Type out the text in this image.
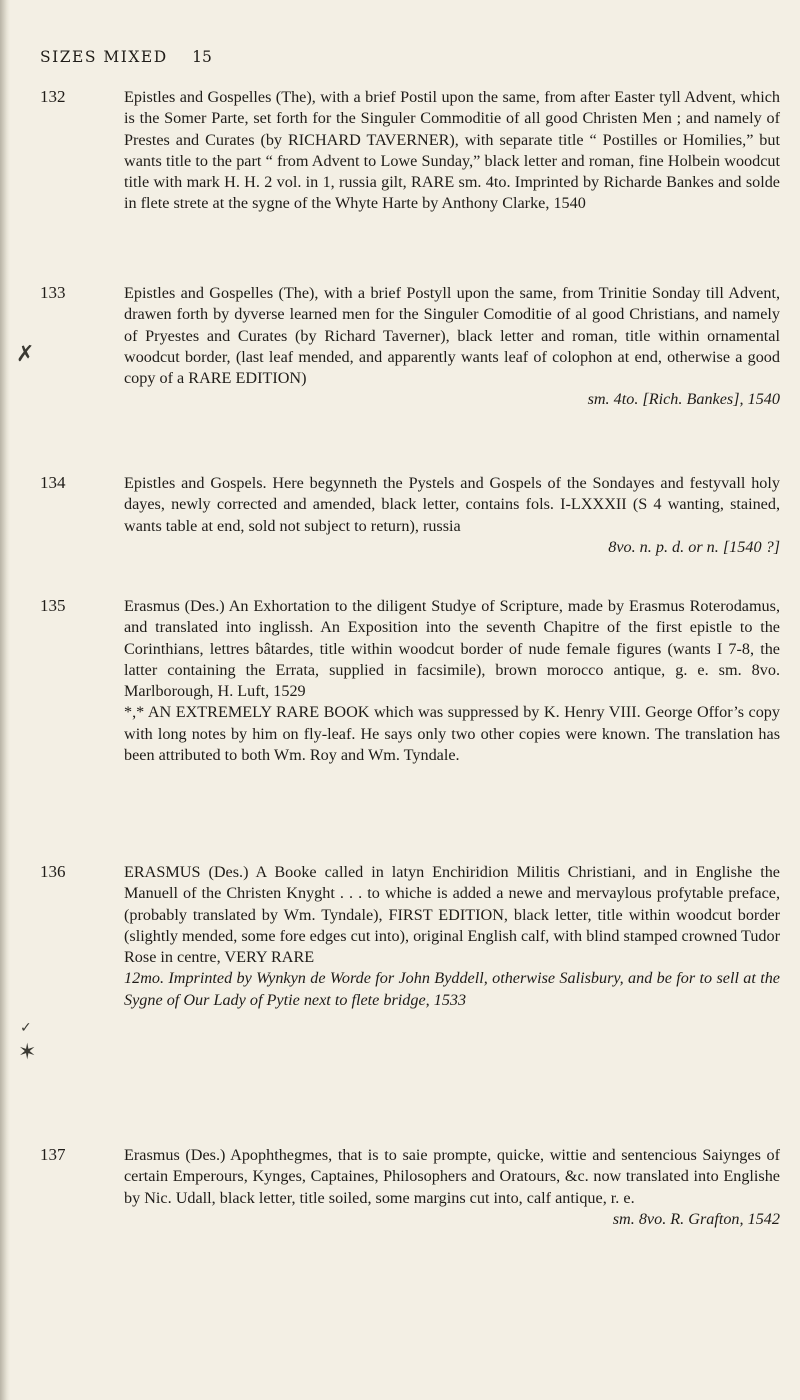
SIZES MIXED 15
132	Epistles and Gospelles (The), with a brief Postil upon the same, from after Easter tyll Advent, which is the Somer Parte, set forth for the Singuler Commoditie of all good Christen Men ; and namely of Prestes and Curates (by RICHARD TAVERNER), with separate title “ Postilles or Homilies,” but wants title to the part “ from Advent to Lowe Sunday,” black letter and roman, fine Holbein woodcut title with mark H. H. 2 vol. in 1, russia gilt, RARE sm. 4to. Imprinted by Richarde Bankes and solde in flete strete at the sygne of the Whyte Harte by Anthony Clarke, 1540

133	Epistles and Gospelles (The), with a brief Postyll upon the same, from Trinitie Sonday till Advent, drawen forth by dyverse learned men for the Singuler Comoditie of al good Christians, and namely of Pryestes and Curates (by Richard Taverner), black letter and roman, title within ornamental woodcut border, (last leaf mended, and apparently wants leaf of colophon at end, otherwise a good copy of a RARE EDITION)

sm. 4to. [Rich. Bankes], 1540

134	Epistles and Gospels. Here begynneth the Pystels and Gospels of the Sondayes and festyvall holy dayes, newly corrected and amended, black letter, contains fols. I-LXXXII (S 4 wanting, stained, wants table at end, sold not subject to return), russia

8vo. n. p. d. or n. [1540 ?]

135	Erasmus (Des.) An Exhortation to the diligent Studye of Scripture, made by Erasmus Roterodamus, and translated into inglissh. An Exposition into the seventh Chapitre of the first epistle to the Corinthians, lettres bâtardes, title within woodcut border of nude female figures (wants I 7-8, the latter containing the Errata, supplied in facsimile), brown morocco antique, g. e. sm. 8vo. Marlborough, H. Luft, 1529

*,* AN EXTREMELY RARE BOOK which was suppressed by K. Henry VIII. George Offor’s copy with long notes by him on fly-leaf. He says only two other copies were known. The translation has been attributed to both Wm. Roy and Wm. Tyndale.

136	ERASMUS (Des.) A Booke called in latyn Enchiridion Militis Christiani, and in Englishe the Manuell of the Christen Knyght . . . to whiche is added a newe and mervaylous profytable preface, (probably translated by Wm. Tyndale), FIRST EDITION, black letter, title within woodcut border (slightly mended, some fore edges cut into), original English calf, with blind stamped crowned Tudor Rose in centre, VERY RARE

12mo. Imprinted by Wynkyn de Worde for John Byddell, otherwise Salisbury, and be for to sell at the Sygne of Our Lady of Pytie next to flete bridge, 1533

137	Erasmus (Des.) Apophthegmes, that is to saie prompte, quicke, wittie and sentencious Saiynges of certain Emperours, Kynges, Captaines, Philosophers and Oratours, &c. now translated into Englishe by Nic. Udall, black letter, title soiled, some margins cut into, calf antique, r. e.

sm. 8vo. R. Grafton, 1542

✗
✓
✶
